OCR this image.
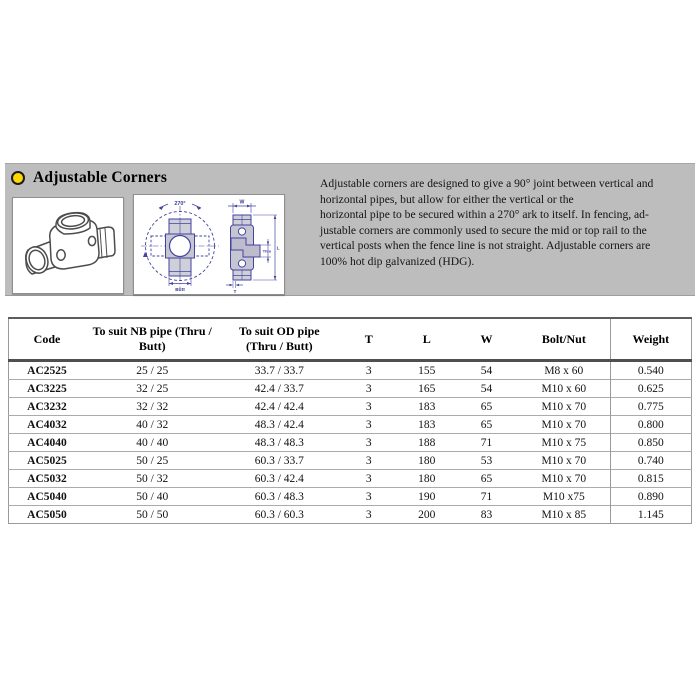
Adjustable Corners
270°
Butt
W
Thru
L
T
Adjustable corners are designed to give a 90° joint between vertical and
horizontal pipes, but allow for either the vertical or the
horizontal pipe to be secured within a 270° ark to itself. In fencing, ad-
justable corners are commonly used to secure the mid or top rail to the
vertical posts when the fence line is not straight. Adjustable corners are
100% hot dip galvanized (HDG).
Code	To suit NB pipe (Thru / Butt)	To suit OD pipe (Thru / Butt)	T	L	W	Bolt/Nut	Weight
AC2525	25 / 25	33.7 / 33.7	3	155	54	M8 x 60	0.540
AC3225	32 / 25	42.4 / 33.7	3	165	54	M10 x 60	0.625
AC3232	32 / 32	42.4 / 42.4	3	183	65	M10 x 70	0.775
AC4032	40 / 32	48.3 / 42.4	3	183	65	M10 x 70	0.800
AC4040	40 / 40	48.3 / 48.3	3	188	71	M10 x 75	0.850
AC5025	50 / 25	60.3 / 33.7	3	180	53	M10 x 70	0.740
AC5032	50 / 32	60.3 / 42.4	3	180	65	M10 x 70	0.815
AC5040	50 / 40	60.3 / 48.3	3	190	71	M10 x75	0.890
AC5050	50 / 50	60.3 / 60.3	3	200	83	M10 x 85	1.145
